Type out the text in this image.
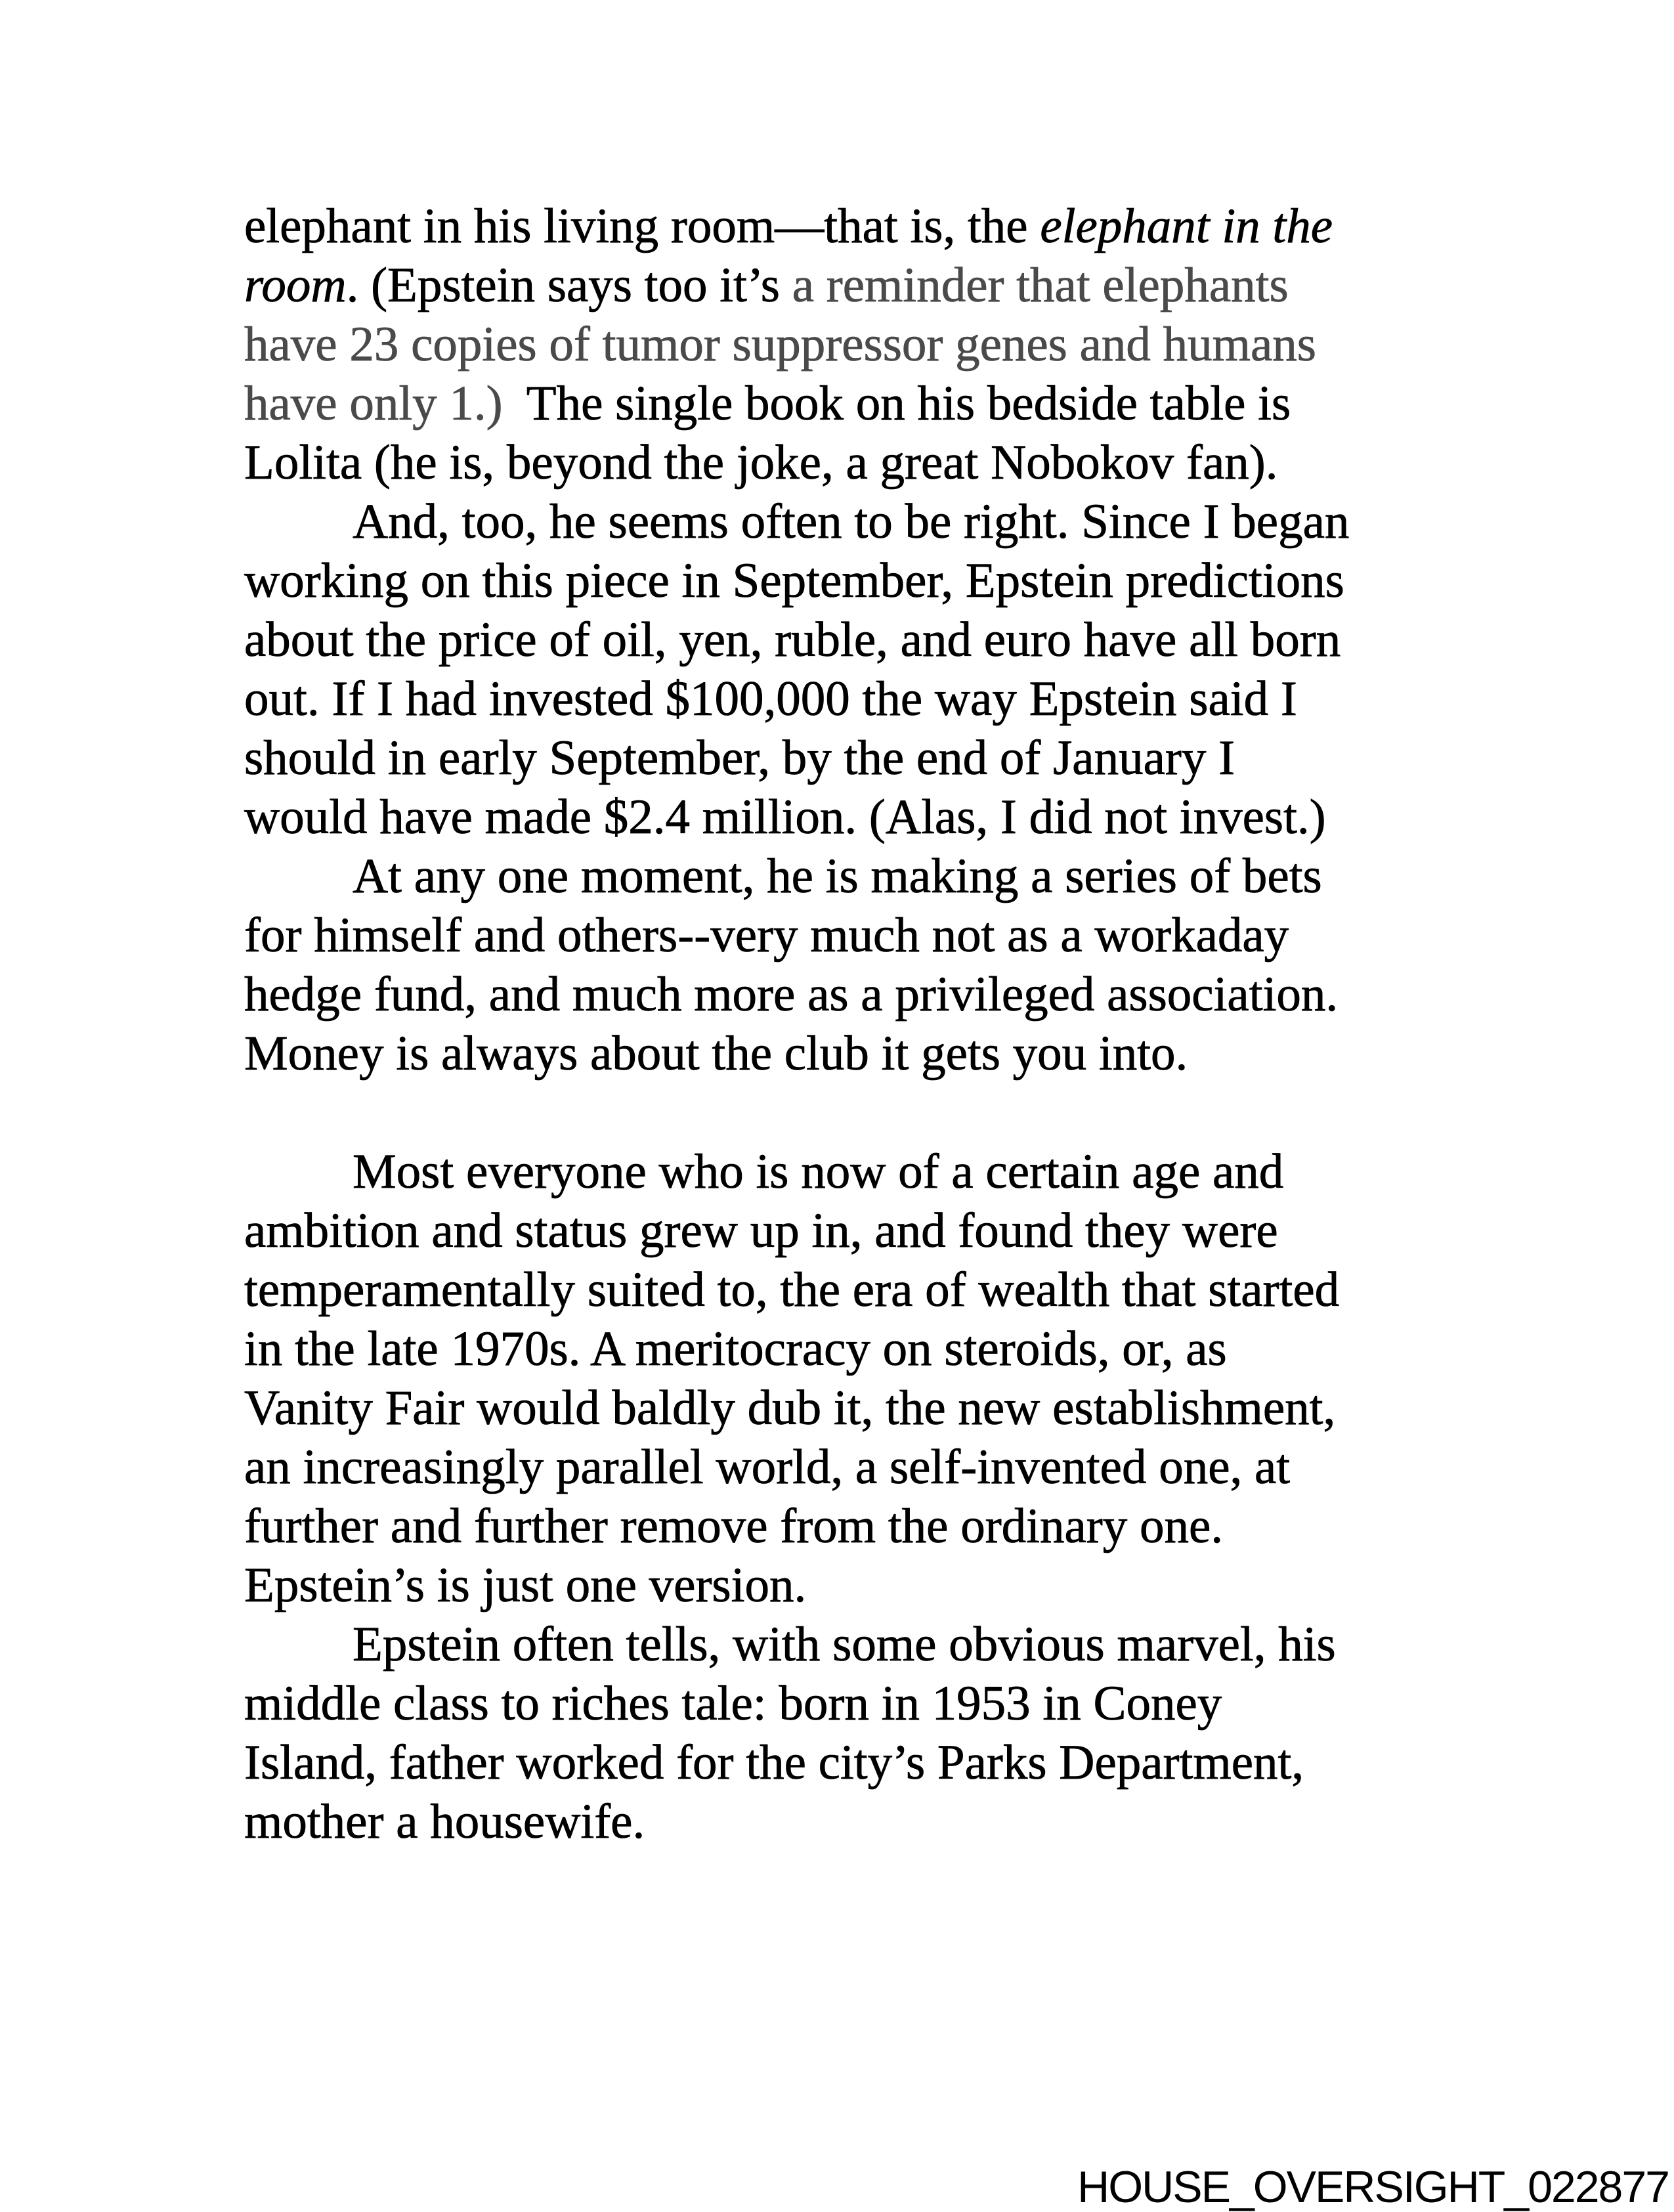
elephant in his living room—that is, the elephant in the
room. (Epstein says too it’s a reminder that elephants
have 23 copies of tumor suppressor genes and humans
have only 1.)  The single book on his bedside table is
Lolita (he is, beyond the joke, a great Nobokov fan).
And, too, he seems often to be right. Since I began
working on this piece in September, Epstein predictions
about the price of oil, yen, ruble, and euro have all born
out. If I had invested $100,000 the way Epstein said I
should in early September, by the end of January I
would have made $2.4 million. (Alas, I did not invest.)
At any one moment, he is making a series of bets
for himself and others--very much not as a workaday
hedge fund, and much more as a privileged association.
Money is always about the club it gets you into.
Most everyone who is now of a certain age and
ambition and status grew up in, and found they were
temperamentally suited to, the era of wealth that started
in the late 1970s. A meritocracy on steroids, or, as
Vanity Fair would baldly dub it, the new establishment,
an increasingly parallel world, a self-invented one, at
further and further remove from the ordinary one.
Epstein’s is just one version.
Epstein often tells, with some obvious marvel, his
middle class to riches tale: born in 1953 in Coney
Island, father worked for the city’s Parks Department,
mother a housewife.
HOUSE_OVERSIGHT_022877
